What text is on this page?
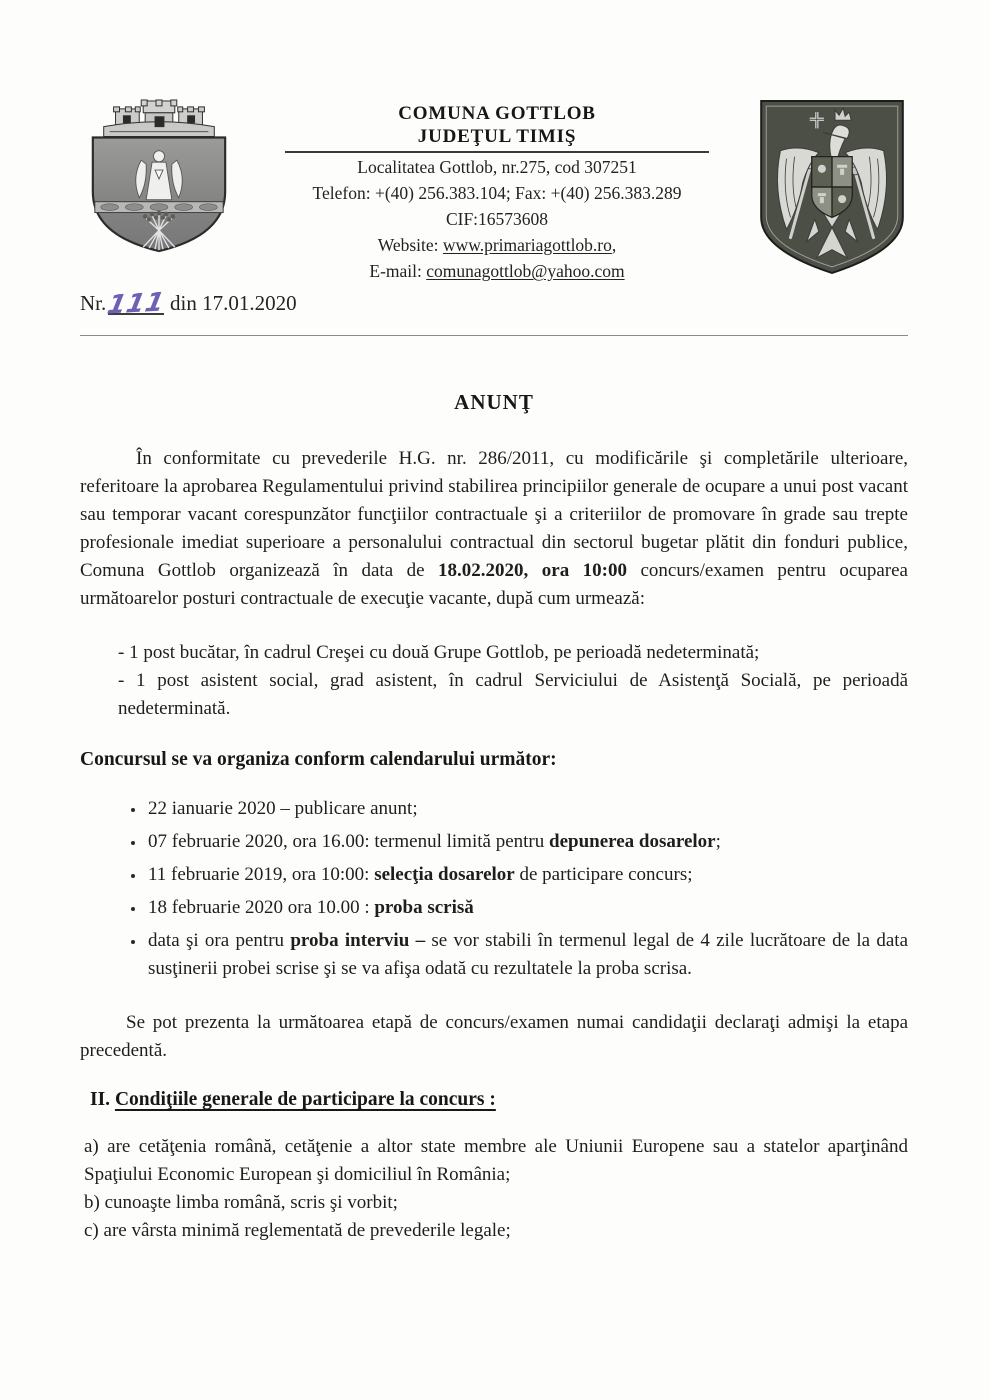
COMUNA GOTTLOB
JUDEŢUL TIMIŞ
Localitatea Gottlob, nr.275, cod 307251
Telefon: +(40) 256.383.104; Fax: +(40) 256.383.289
CIF:16573608
Website: www.primariagottlob.ro,
E-mail: comunagottlob@yahoo.com
Nr.111 din 17.01.2020
ANUNŢ

În conformitate cu prevederile H.G. nr. 286/2011, cu modificările şi completările ulterioare, referitoare la aprobarea Regulamentului privind stabilirea principiilor generale de ocupare a unui post vacant sau temporar vacant corespunzător funcţiilor contractuale şi a criteriilor de promovare în grade sau trepte profesionale imediat superioare a personalului contractual din sectorul bugetar plătit din fonduri publice, Comuna Gottlob organizează în data de 18.02.2020, ora 10:00 concurs/examen pentru ocuparea următoarelor posturi contractuale de execuţie vacante, după cum urmează:

- 1 post bucătar, în cadrul Creşei cu două Grupe Gottlob, pe perioadă nedeterminată;
- 1 post asistent social, grad asistent, în cadrul Serviciului de Asistenţă Socială, pe perioadă nedeterminată.
Concursul se va organiza conform calendarului următor:
• 22 ianuarie 2020 – publicare anunt;
• 07 februarie 2020, ora 16.00: termenul limită pentru depunerea dosarelor;
• 11 februarie 2019, ora 10:00: selecţia dosarelor de participare concurs;
• 18 februarie 2020 ora 10.00 : proba scrisă
• data şi ora pentru proba interviu – se vor stabili în termenul legal de 4 zile lucrătoare de la data susţinerii probei scrise şi se va afişa odată cu rezultatele la proba scrisa.

Se pot prezenta la următoarea etapă de concurs/examen numai candidaţii declaraţi admişi la etapa precedentă.

II. Condiţiile generale de participare la concurs :
a) are cetăţenia română, cetăţenie a altor state membre ale Uniunii Europene sau a statelor aparţinând Spaţiului Economic European şi domiciliul în România;
b) cunoaşte limba română, scris şi vorbit;
c) are vârsta minimă reglementată de prevederile legale;
